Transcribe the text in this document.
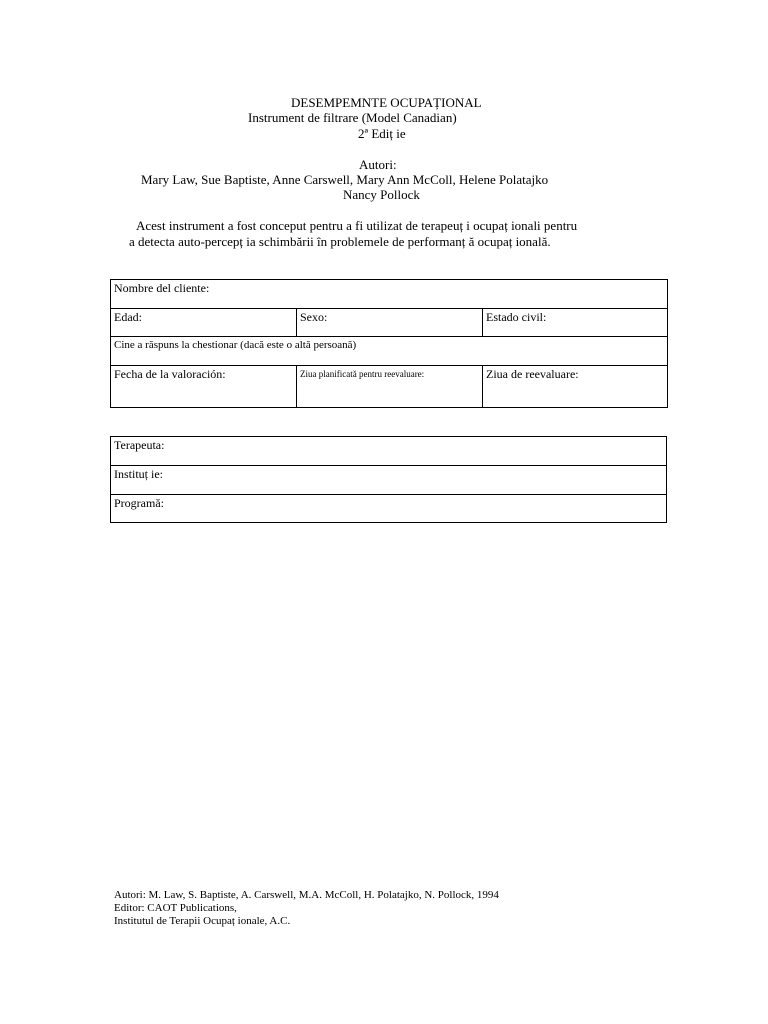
DESEMPEMNTE OCUPAȚIONAL
Instrument de filtrare (Model Canadian)
2ª Ediț ie
Autori:
Mary Law, Sue Baptiste, Anne Carswell, Mary Ann McColl, Helene Polatajko
Nancy Pollock
Acest instrument a fost conceput pentru a fi utilizat de terapeuț i ocupaț ionali pentru
a detecta auto-percepț ia schimbării în problemele de performanț ă ocupaț ională.
Nombre del cliente:		
Edad:	Sexo:	Estado civil:
Cine a răspuns la chestionar (dacă este o altă persoană)		
Fecha de la valoración:	Ziua planificată pentru reevaluare:	Ziua de reevaluare:
Terapeuta:
Instituț ie:
Programă:
Autori: M. Law, S. Baptiste, A. Carswell, M.A. McColl, H. Polatajko, N. Pollock, 1994
Editor: CAOT Publications,
Institutul de Terapii Ocupaț ionale, A.C.
